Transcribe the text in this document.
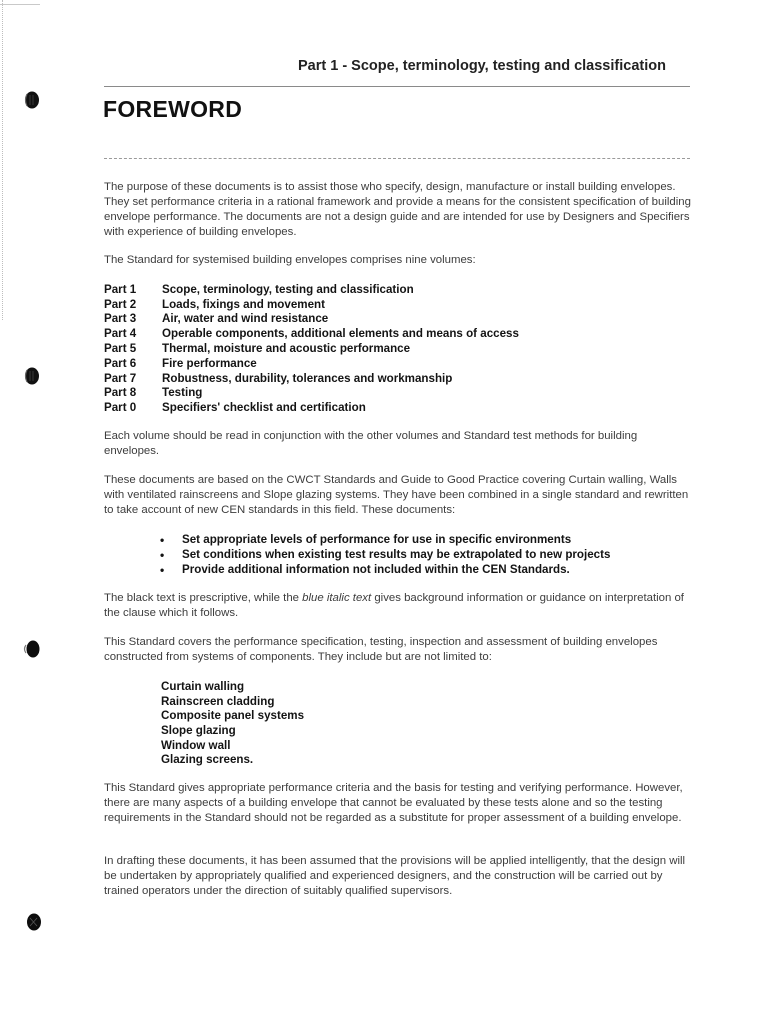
Part 1 - Scope, terminology, testing and classification
FOREWORD

The purpose of these documents is to assist those who specify, design, manufacture or install building envelopes. They set performance criteria in a rational framework and provide a means for the consistent specification of building envelope performance. The documents are not a design guide and are intended for use by Designers and Specifiers with experience of building envelopes.

The Standard for systemised building envelopes comprises nine volumes:

Part 1	Scope, terminology, testing and classification
Part 2	Loads, fixings and movement
Part 3	Air, water and wind resistance
Part 4	Operable components, additional elements and means of access
Part 5	Thermal, moisture and acoustic performance
Part 6	Fire performance
Part 7	Robustness, durability, tolerances and workmanship
Part 8	Testing
Part 0	Specifiers' checklist and certification

Each volume should be read in conjunction with the other volumes and Standard test methods for building envelopes.

These documents are based on the CWCT Standards and Guide to Good Practice covering Curtain walling, Walls with ventilated rainscreens and Slope glazing systems. They have been combined in a single standard and rewritten to take account of new CEN standards in this field. These documents:

•	Set appropriate levels of performance for use in specific environments
•	Set conditions when existing test results may be extrapolated to new projects
•	Provide additional information not included within the CEN Standards.

The black text is prescriptive, while the blue italic text gives background information or guidance on interpretation of the clause which it follows.

This Standard covers the performance specification, testing, inspection and assessment of building envelopes constructed from systems of components. They include but are not limited to:

Curtain walling
Rainscreen cladding
Composite panel systems
Slope glazing
Window wall
Glazing screens.

This Standard gives appropriate performance criteria and the basis for testing and verifying performance. However, there are many aspects of a building envelope that cannot be evaluated by these tests alone and so the testing requirements in the Standard should not be regarded as a substitute for proper assessment of a building envelope.

In drafting these documents, it has been assumed that the provisions will be applied intelligently, that the design will be undertaken by appropriately qualified and experienced designers, and the construction will be carried out by trained operators under the direction of suitably qualified supervisors.
